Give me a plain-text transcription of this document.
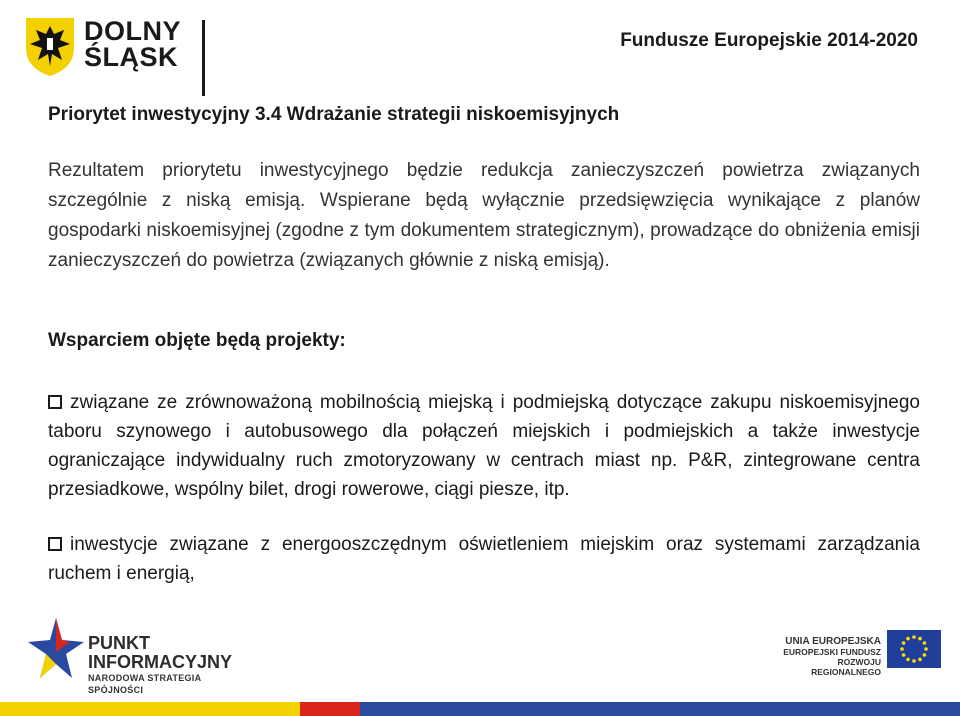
DOLNY
ŚLĄSK
Fundusze Europejskie 2014-2020
Priorytet inwestycyjny 3.4 Wdrażanie strategii niskoemisyjnych
Rezultatem priorytetu inwestycyjnego będzie redukcja zanieczyszczeń powietrza związanych szczególnie z niską emisją. Wspierane będą wyłącznie przedsięwzięcia wynikające z planów gospodarki niskoemisyjnej (zgodne z tym dokumentem strategicznym), prowadzące do obniżenia emisji zanieczyszczeń do powietrza (związanych głównie z niską emisją).
Wsparciem objęte będą projekty:
związane ze zrównoważoną mobilnością miejską i podmiejską dotyczące zakupu niskoemisyjnego taboru szynowego i autobusowego dla połączeń miejskich i podmiejskich a także inwestycje ograniczające indywidualny ruch zmotoryzowany w centrach miast np. P&R, zintegrowane centra przesiadkowe, wspólny bilet, drogi rowerowe, ciągi piesze, itp.
inwestycje związane z energooszczędnym oświetleniem miejskim oraz systemami zarządzania ruchem i energią,
PUNKT
INFORMACYJNY
NARODOWA STRATEGIA SPÓJNOŚCI
UNIA EUROPEJSKA
EUROPEJSKI FUNDUSZ
ROZWOJU REGIONALNEGO
